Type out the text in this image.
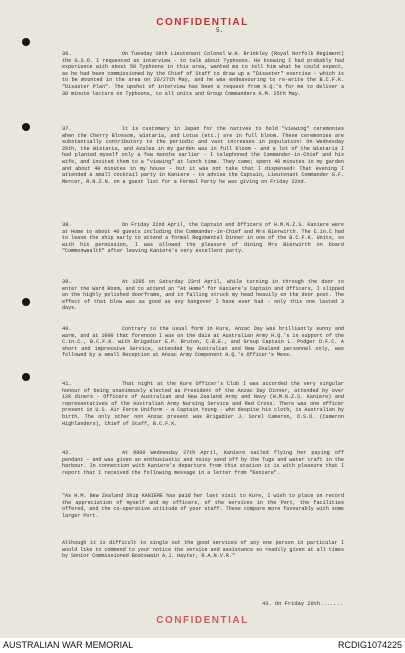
CONFIDENTIAL
5.
36.	On Tuesday 19th Lieutenant Colonel W.H. Brinkley (Royal Norfolk Regiment) the G.S.O. I requested an interview - to talk about Typhoons. He knowing I had probably had experience with about 50 Typhoons in this area, wanted me to tell him what he could expect, as he had been commissioned by the Chief of Staff to draw up a "Disaster" exercise - which is to be mounted in the area on 26/27th May, and he was endeavouring to re-write the B.C.F.K. "Disaster Plan". The upshot of interview has been a request from H.Q.'s for me to deliver a 30 minute lecture on Typhoons, to all units and Group Commanders A.M. 25th May.

37.	It is customary in Japan for the natives to hold "viewing" ceremonies when the Cherry Blossom, Wistaria, and Lotus (etc.) are in full bloom. These ceremonies are substantially contributory to the periodic and vast increases in population! On Wednesday 20th, the Wistaria, and Azalea in my garden was in full bloom - and a lot of the Wistaria I had planted myself only a few months earlier - I telephoned the Commander-in-Chief and his wife, and invited them to a "viewing" at lunch time. They came; spent 40 minutes in my garden and about 40 minutes in my house - but it was not take that I dispensed! That evening I attended a small cocktail party in Kaniere - to advise the Captain, Lieutenant Commander S.F. Mercer, R.N.Z.N. on a guest list for a Formal Party he was giving on Friday 22nd.

38.	On Friday 22nd April, the Captain and Officers of H.M.N.Z.S. Kaniere were at Home to about 40 guests including the Commander-in-Chief and Mrs Bierwirth. The C.in.C had to leave the ship early to attend a formal Regimental Dinner in one of the B.C.F.K. Units, so with his permission, I was allowed the pleasure of dining Mrs Bierwirth on board "Commonwealth" after leaving Kaniere's very excellent party.

39.	At 1205 on Saturday 23rd April, while turning in through the door to enter the Ward Room, and to attend an "At Home" for Kaniere's Captain and Officers, I slipped on the highly polished doorframe, and in falling struck my head heavily on the door post. The effect of that blow was as good as any hangover I have ever had - only this one lasted 3 days.

40.	Contrary to the usual form in Kure, Anzac Day was brilliantly sunny and warm, and at 1000 that forenoon I was on the dais at Australian Army H.Q.'s in support of the C.in.C., B.C.F.K. with Brigadier E.P. Bruton, C.B.E., and Group Captain L. Podger D.F.C. A short and impressive Service, attended by Australian and New Zealand personnel only, was followed by a small Reception at Anzac Army Component H.Q.'s Officer's Mess.

41.	That night at the Kure Officer's Club I was accorded the very singular honour of being unanimously elected as President of the Anzac Day Dinner, attended by over 120 diners - Officers of Australian and New Zealand Army and Navy (H.M.N.Z.S. Kaniere) and representatives of the Australian Army Nursing Service and Red Cross. There was one officer present in U.S. Air Force Uniform - a Captain Young - who despite his cloth, is Australian by birth. The only other non Anzac present was Brigadier J. Sorel Cameron, D.S.O. (Cameron Highlanders), Chief of Staff, B.C.F.K.

42.	At 0800 Wednesday 27th April, Kaniere sailed flying her paying off pendant - and was given an enthusiastic and noisy send off by the Tugs and water craft in the harbour. In connection with Kaniere's departure from this station it is with pleasure that I report that I received the following message in a letter from "Kaniere".

"As H.M. New Zealand Ship KANIERE has paid her last visit to Kure, I wish to place on record the appreciation of myself and my officers, of the services in the Port, the facilities offered, and the co-operative attitude of your staff. These compare more favourably with some larger Port.

Although it is difficult to single out the good services of any one person in particular I would like to commend to your notice the service and assistance so readily given at all times by Senior Commissioned Boatswain A.J. Hayter, R.A.N.V.R."

43. On Friday 29th.......
CONFIDENTIAL
AUSTRALIAN WAR MEMORIAL	RCDIG1074225
